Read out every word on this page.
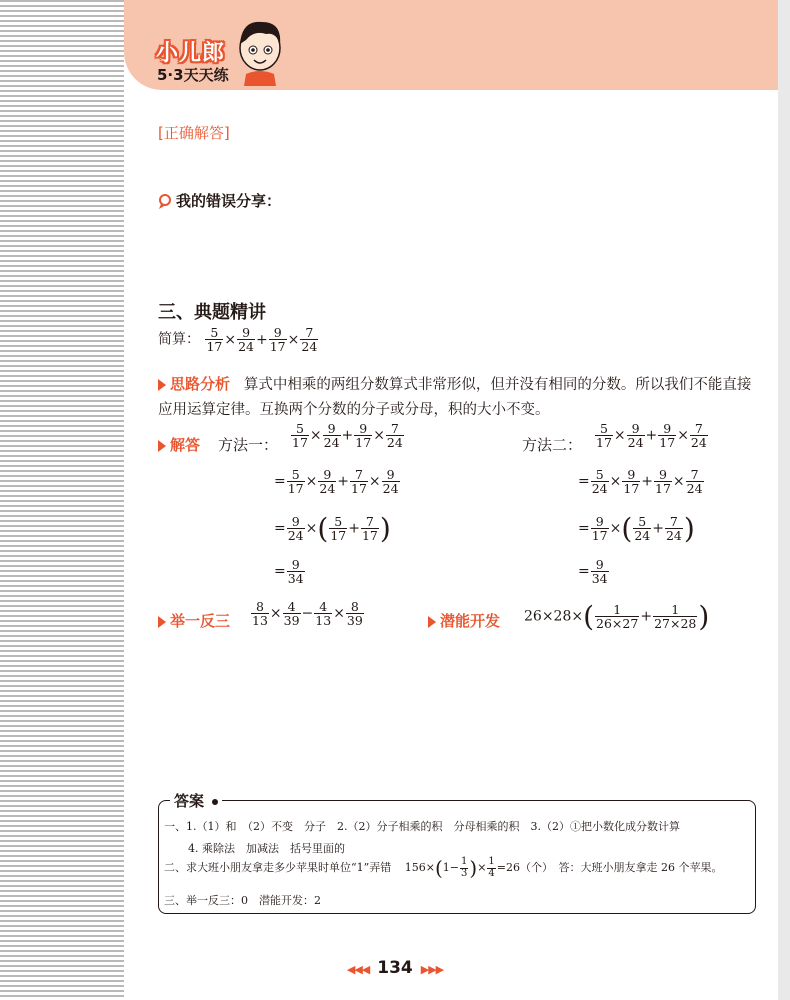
小儿郎
5·3天天练
[正确解答]
我的错误分享：
三、典题精讲
简算： $\frac{5}{17} \times \frac{9}{24} + \frac{9}{17} \times \frac{7}{24}$
思路分析 算式中相乘的两组分数算式非常形似，但并没有相同的分数。所以我们不能直接应用运算定律。互换两个分数的分子或分母，积的大小不变。
解答 方法一： $\frac{5}{17} \times \frac{9}{24} + \frac{9}{17} \times \frac{7}{24}$
= $\frac{5}{17} \times \frac{9}{24} + \frac{7}{17} \times \frac{9}{24}$
= $\frac{9}{24}$ ×( $\frac{5}{17} + \frac{7}{17}$ )
= $\frac{9}{34}$
方法二： $\frac{5}{17} \times \frac{9}{24} + \frac{9}{17} \times \frac{7}{24}$
= $\frac{5}{24} \times \frac{9}{17} + \frac{9}{17} \times \frac{7}{24}$
= $\frac{9}{17}$ ×( $\frac{5}{24} + \frac{7}{24}$ )
= $\frac{9}{34}$
举一反三 $\frac{8}{13} \times \frac{4}{39} - \frac{4}{13} \times \frac{8}{39}$	潜能开发 $26\times 28\times( \frac{1}{26\times 27} + \frac{1}{27\times 28}$ )
答案
一、1.（1）和　（2）不变　分子　2.（2）分子相乘的积　分母相乘的积　3.（2）①把小数化成分数计算
4. 乘除法　加减法　括号里面的
二、求大班小朋友拿走多少苹果时单位“1”弄错 $156\times(1- \frac{1}{3}$ )× $\frac{1}{4} =26$（个）　答：大班小朋友拿走 26 个苹果。
三、举一反三：0　潜能开发：2
◀◀◀ 134 ▶▶▶
